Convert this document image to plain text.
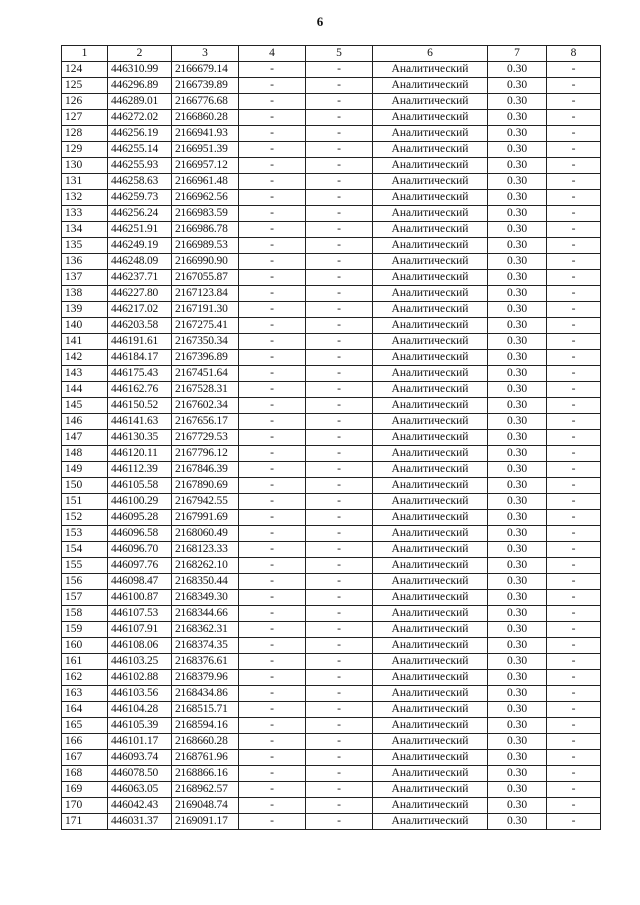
6
1	2	3	4	5	6	7	8
124	446310.99	2166679.14	-	-	Аналитический	0.30	-
125	446296.89	2166739.89	-	-	Аналитический	0.30	-
126	446289.01	2166776.68	-	-	Аналитический	0.30	-
127	446272.02	2166860.28	-	-	Аналитический	0.30	-
128	446256.19	2166941.93	-	-	Аналитический	0.30	-
129	446255.14	2166951.39	-	-	Аналитический	0.30	-
130	446255.93	2166957.12	-	-	Аналитический	0.30	-
131	446258.63	2166961.48	-	-	Аналитический	0.30	-
132	446259.73	2166962.56	-	-	Аналитический	0.30	-
133	446256.24	2166983.59	-	-	Аналитический	0.30	-
134	446251.91	2166986.78	-	-	Аналитический	0.30	-
135	446249.19	2166989.53	-	-	Аналитический	0.30	-
136	446248.09	2166990.90	-	-	Аналитический	0.30	-
137	446237.71	2167055.87	-	-	Аналитический	0.30	-
138	446227.80	2167123.84	-	-	Аналитический	0.30	-
139	446217.02	2167191.30	-	-	Аналитический	0.30	-
140	446203.58	2167275.41	-	-	Аналитический	0.30	-
141	446191.61	2167350.34	-	-	Аналитический	0.30	-
142	446184.17	2167396.89	-	-	Аналитический	0.30	-
143	446175.43	2167451.64	-	-	Аналитический	0.30	-
144	446162.76	2167528.31	-	-	Аналитический	0.30	-
145	446150.52	2167602.34	-	-	Аналитический	0.30	-
146	446141.63	2167656.17	-	-	Аналитический	0.30	-
147	446130.35	2167729.53	-	-	Аналитический	0.30	-
148	446120.11	2167796.12	-	-	Аналитический	0.30	-
149	446112.39	2167846.39	-	-	Аналитический	0.30	-
150	446105.58	2167890.69	-	-	Аналитический	0.30	-
151	446100.29	2167942.55	-	-	Аналитический	0.30	-
152	446095.28	2167991.69	-	-	Аналитический	0.30	-
153	446096.58	2168060.49	-	-	Аналитический	0.30	-
154	446096.70	2168123.33	-	-	Аналитический	0.30	-
155	446097.76	2168262.10	-	-	Аналитический	0.30	-
156	446098.47	2168350.44	-	-	Аналитический	0.30	-
157	446100.87	2168349.30	-	-	Аналитический	0.30	-
158	446107.53	2168344.66	-	-	Аналитический	0.30	-
159	446107.91	2168362.31	-	-	Аналитический	0.30	-
160	446108.06	2168374.35	-	-	Аналитический	0.30	-
161	446103.25	2168376.61	-	-	Аналитический	0.30	-
162	446102.88	2168379.96	-	-	Аналитический	0.30	-
163	446103.56	2168434.86	-	-	Аналитический	0.30	-
164	446104.28	2168515.71	-	-	Аналитический	0.30	-
165	446105.39	2168594.16	-	-	Аналитический	0.30	-
166	446101.17	2168660.28	-	-	Аналитический	0.30	-
167	446093.74	2168761.96	-	-	Аналитический	0.30	-
168	446078.50	2168866.16	-	-	Аналитический	0.30	-
169	446063.05	2168962.57	-	-	Аналитический	0.30	-
170	446042.43	2169048.74	-	-	Аналитический	0.30	-
171	446031.37	2169091.17	-	-	Аналитический	0.30	-
